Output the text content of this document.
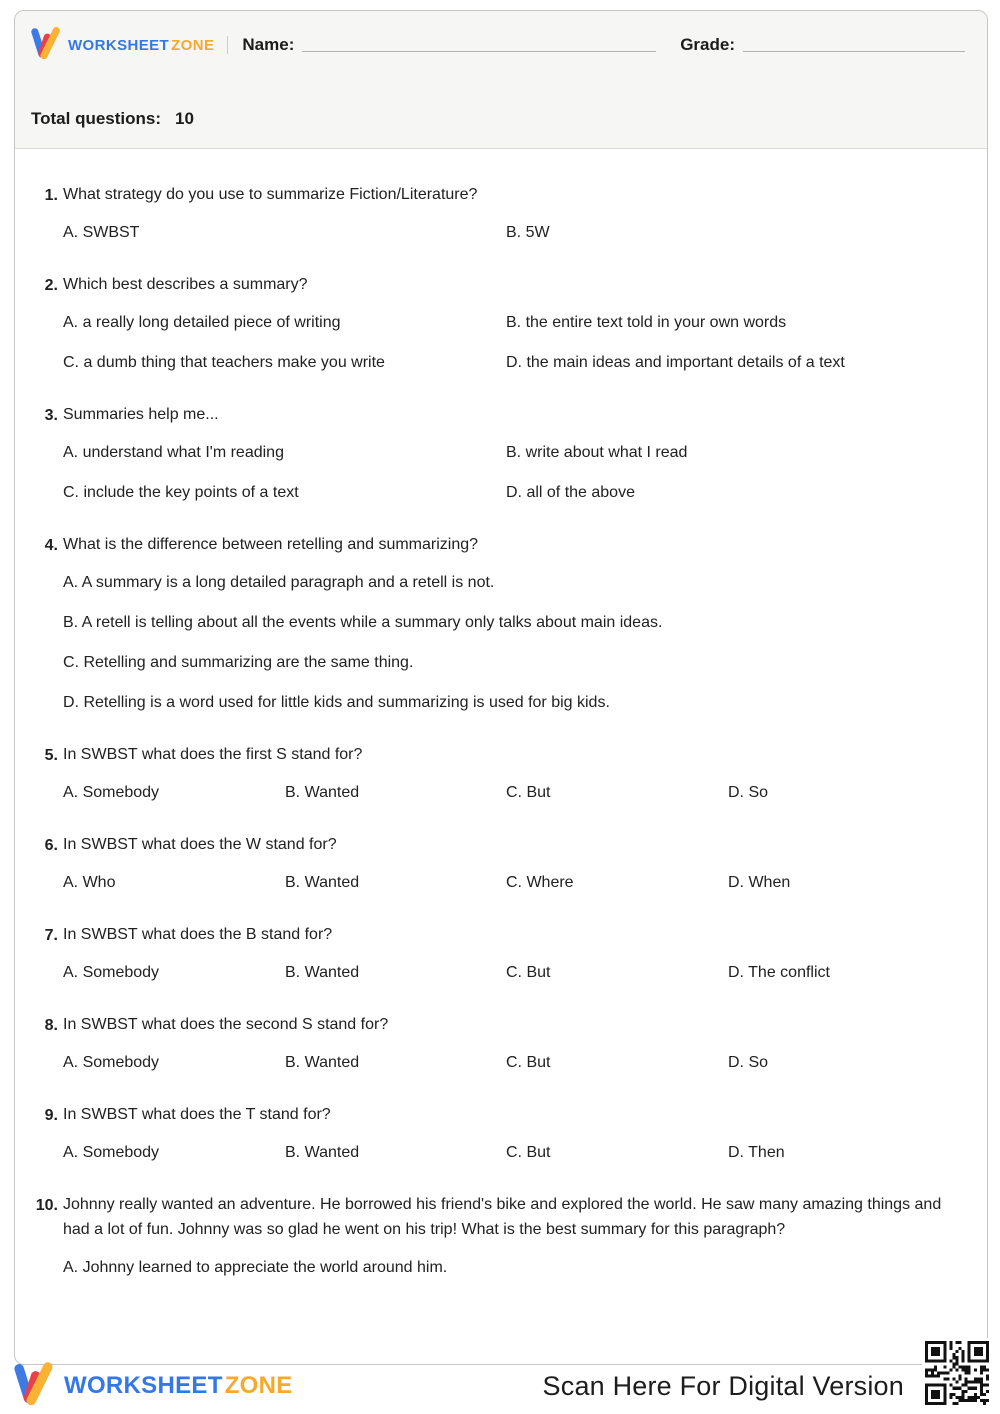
WORKSHEET ZONE Name:	Grade:
Total questions: 10
1. What strategy do you use to summarize Fiction/Literature?
A. SWBST	B. 5W
2. Which best describes a summary?
A. a really long detailed piece of writing	B. the entire text told in your own words
C. a dumb thing that teachers make you write	D. the main ideas and important details of a text
3. Summaries help me...
A. understand what I'm reading	B. write about what I read
C. include the key points of a text	D. all of the above
4. What is the difference between retelling and summarizing?
A. A summary is a long detailed paragraph and a retell is not.
B. A retell is telling about all the events while a summary only talks about main ideas.
C. Retelling and summarizing are the same thing.
D. Retelling is a word used for little kids and summarizing is used for big kids.
5. In SWBST what does the first S stand for?
A. Somebody	B. Wanted	C. But	D. So
6. In SWBST what does the W stand for?
A. Who	B. Wanted	C. Where	D. When
7. In SWBST what does the B stand for?
A. Somebody	B. Wanted	C. But	D. The conflict
8. In SWBST what does the second S stand for?
A. Somebody	B. Wanted	C. But	D. So
9. In SWBST what does the T stand for?
A. Somebody	B. Wanted	C. But	D. Then
10. Johnny really wanted an adventure. He borrowed his friend's bike and explored the world. He saw many amazing things and had a lot of fun. Johnny was so glad he went on his trip! What is the best summary for this paragraph?
A. Johnny learned to appreciate the world around him.
WORKSHEETZONE	Scan Here For Digital Version
